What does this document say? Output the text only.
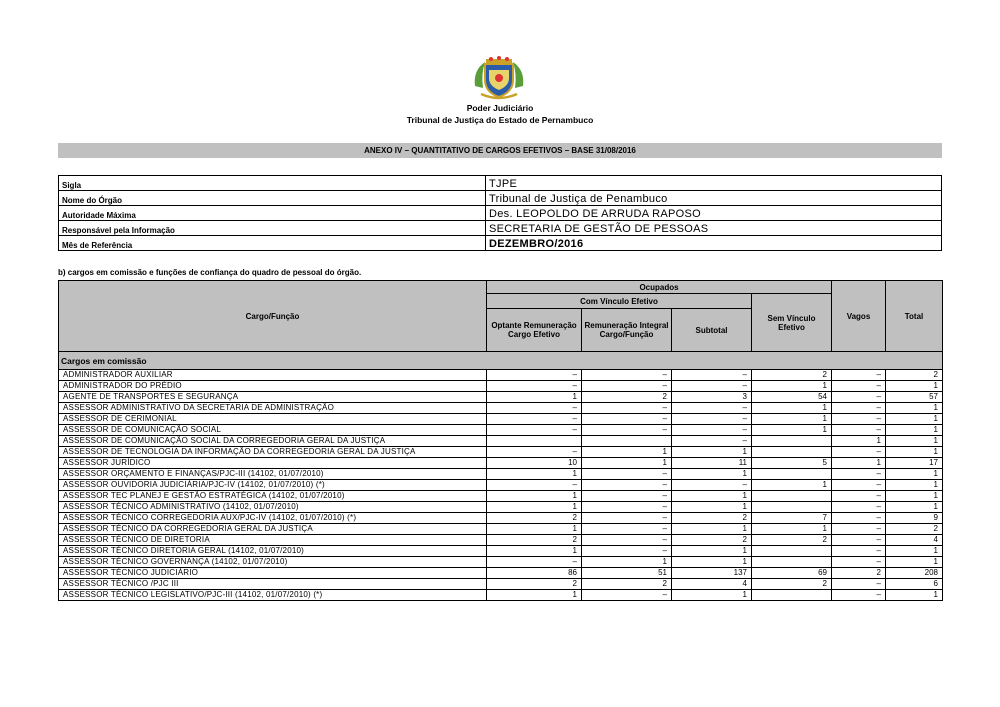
Poder Judiciário
Tribunal de Justiça do Estado de Pernambuco
ANEXO IV – QUANTITATIVO DE CARGOS EFETIVOS – BASE 31/08/2016
Sigla	TJPE
Nome do Órgão	Tribunal de Justiça de Penambuco
Autoridade Máxima	Des. LEOPOLDO DE ARRUDA RAPOSO
Responsável pela Informação	SECRETARIA DE GESTÃO DE PESSOAS
Mês de Referência	DEZEMBRO/2016
b) cargos em comissão e funções de confiança do quadro de pessoal do órgão.
Cargo/Função	Ocupados				Vagos	Total
	Com Vínculo Efetivo			Sem Vínculo Efetivo		
	Optante Remuneração Cargo Efetivo	Remuneração Integral Cargo/Função	Subtotal			
Cargos em comissão						
ADMINISTRADOR AUXILIAR	–	–	–	2	–	2
ADMINISTRADOR DO PRÉDIO	–	–	–	1	–	1
AGENTE DE TRANSPORTES E SEGURANÇA	1	2	3	54	–	57
ASSESSOR ADMINISTRATIVO DA SECRETARIA DE ADMINISTRAÇÃO	–	–	–	1	–	1
ASSESSOR DE CERIMONIAL	–	–	–	1	–	1
ASSESSOR DE COMUNICAÇÃO SOCIAL	–	–	–	1	–	1
ASSESSOR DE COMUNICAÇÃO SOCIAL DA CORREGEDORIA GERAL DA JUSTIÇA			–		1	1
ASSESSOR DE TECNOLOGIA DA INFORMAÇÃO DA CORREGEDORIA GERAL DA JUSTIÇA	–	1	1		–	1
ASSESSOR JURÍDICO	10	1	11	5	1	17
ASSESSOR ORÇAMENTO E FINANÇAS/PJC-III (14102, 01/07/2010)	1	–	1		–	1
ASSESSOR OUVIDORIA JUDICIÁRIA/PJC-IV (14102, 01/07/2010) (*)	–	–	–	1	–	1
ASSESSOR TEC PLANEJ E GESTÃO ESTRATÉGICA (14102, 01/07/2010)	1	–	1		–	1
ASSESSOR TÉCNICO ADMINISTRATIVO (14102, 01/07/2010)	1	–	1		–	1
ASSESSOR TÉCNICO CORREGEDORIA AUX/PJC-IV (14102, 01/07/2010) (*)	2	–	2	7	–	9
ASSESSOR TÉCNICO DA CORREGEDORIA GERAL DA JUSTIÇA	1	–	1	1	–	2
ASSESSOR TÉCNICO DE DIRETORIA	2	–	2	2	–	4
ASSESSOR TÉCNICO DIRETORIA GERAL (14102, 01/07/2010)	1	–	1		–	1
ASSESSOR TÉCNICO GOVERNANÇA (14102, 01/07/2010)	–	1	1		–	1
ASSESSOR TÉCNICO JUDICIÁRIO	86	51	137	69	2	208
ASSESSOR TÉCNICO /PJC III	2	2	4	2	–	6
ASSESSOR TÉCNICO LEGISLATIVO/PJC-III (14102, 01/07/2010) (*)	1	–	1		–	1
